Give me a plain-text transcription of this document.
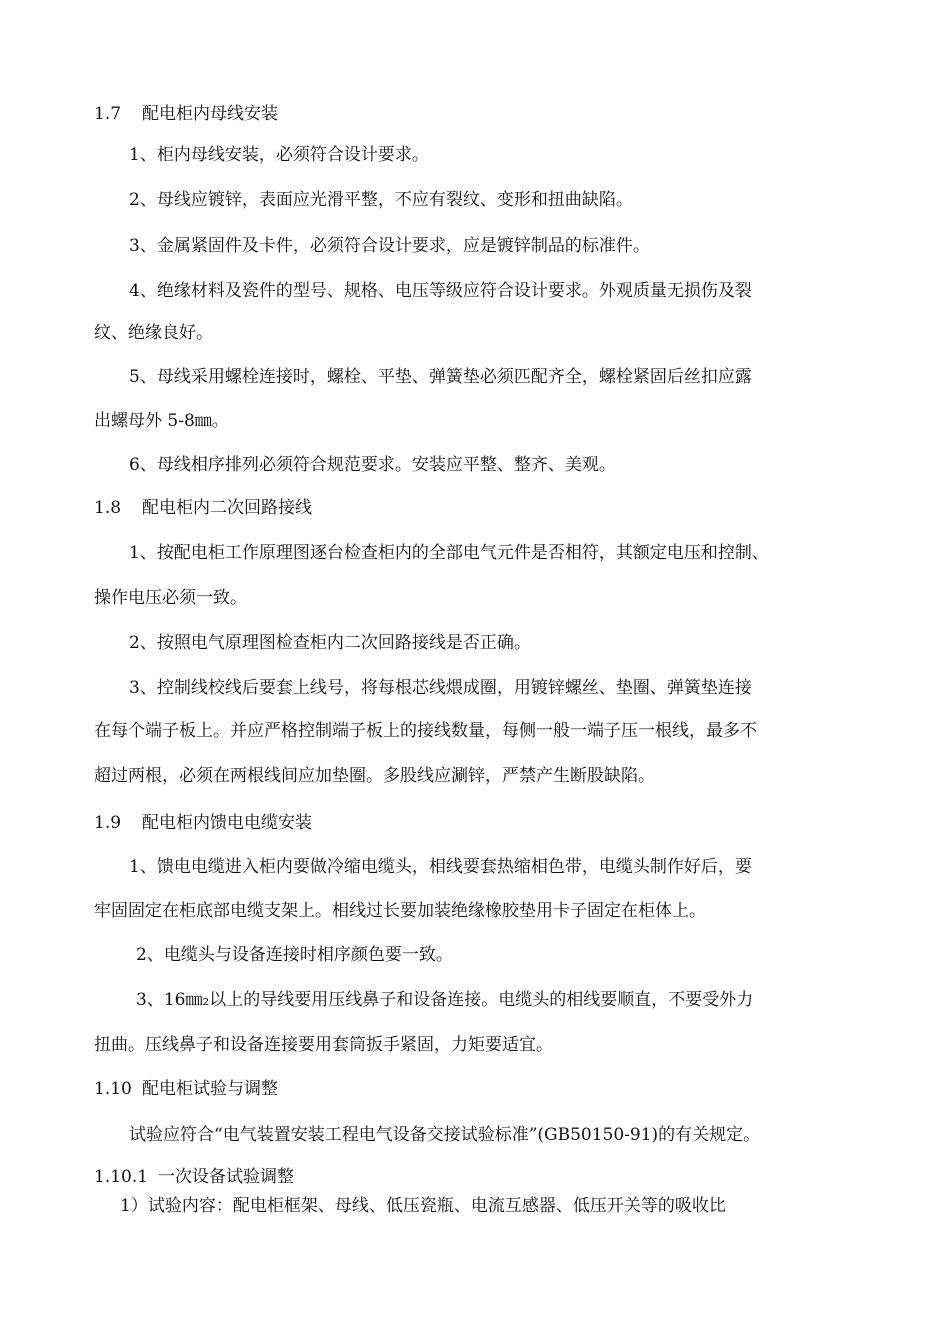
1.7 配电柜内母线安装
1、柜内母线安装，必须符合设计要求。
2、母线应镀锌，表面应光滑平整，不应有裂纹、变形和扭曲缺陷。
3、金属紧固件及卡件，必须符合设计要求，应是镀锌制品的标准件。
4、绝缘材料及瓷件的型号、规格、电压等级应符合设计要求。外观质量无损伤及裂
纹、绝缘良好。
5、母线采用螺栓连接时，螺栓、平垫、弹簧垫必须匹配齐全，螺栓紧固后丝扣应露
出螺母外 5-8㎜。
6、母线相序排列必须符合规范要求。安装应平整、整齐、美观。
1.8 配电柜内二次回路接线
1、按配电柜工作原理图逐台检查柜内的全部电气元件是否相符，其额定电压和控制、
操作电压必须一致。
2、按照电气原理图检查柜内二次回路接线是否正确。
3、控制线校线后要套上线号，将每根芯线煨成圈，用镀锌螺丝、垫圈、弹簧垫连接
在每个端子板上。并应严格控制端子板上的接线数量，每侧一般一端子压一根线，最多不
超过两根，必须在两根线间应加垫圈。多股线应涮锌，严禁产生断股缺陷。
1.9 配电柜内馈电电缆安装
1、馈电电缆进入柜内要做冷缩电缆头，相线要套热缩相色带，电缆头制作好后，要
牢固固定在柜底部电缆支架上。相线过长要加装绝缘橡胶垫用卡子固定在柜体上。
2、电缆头与设备连接时相序颜色要一致。
3、16㎜₂以上的导线要用压线鼻子和设备连接。电缆头的相线要顺直，不要受外力
扭曲。压线鼻子和设备连接要用套筒扳手紧固，力矩要适宜。
1.10 配电柜试验与调整
试验应符合“电气装置安装工程电气设备交接试验标准”(GB50150-91)的有关规定。
1.10.1 一次设备试验调整
1）试验内容：配电柜框架、母线、低压瓷瓶、电流互感器、低压开关等的吸收比
